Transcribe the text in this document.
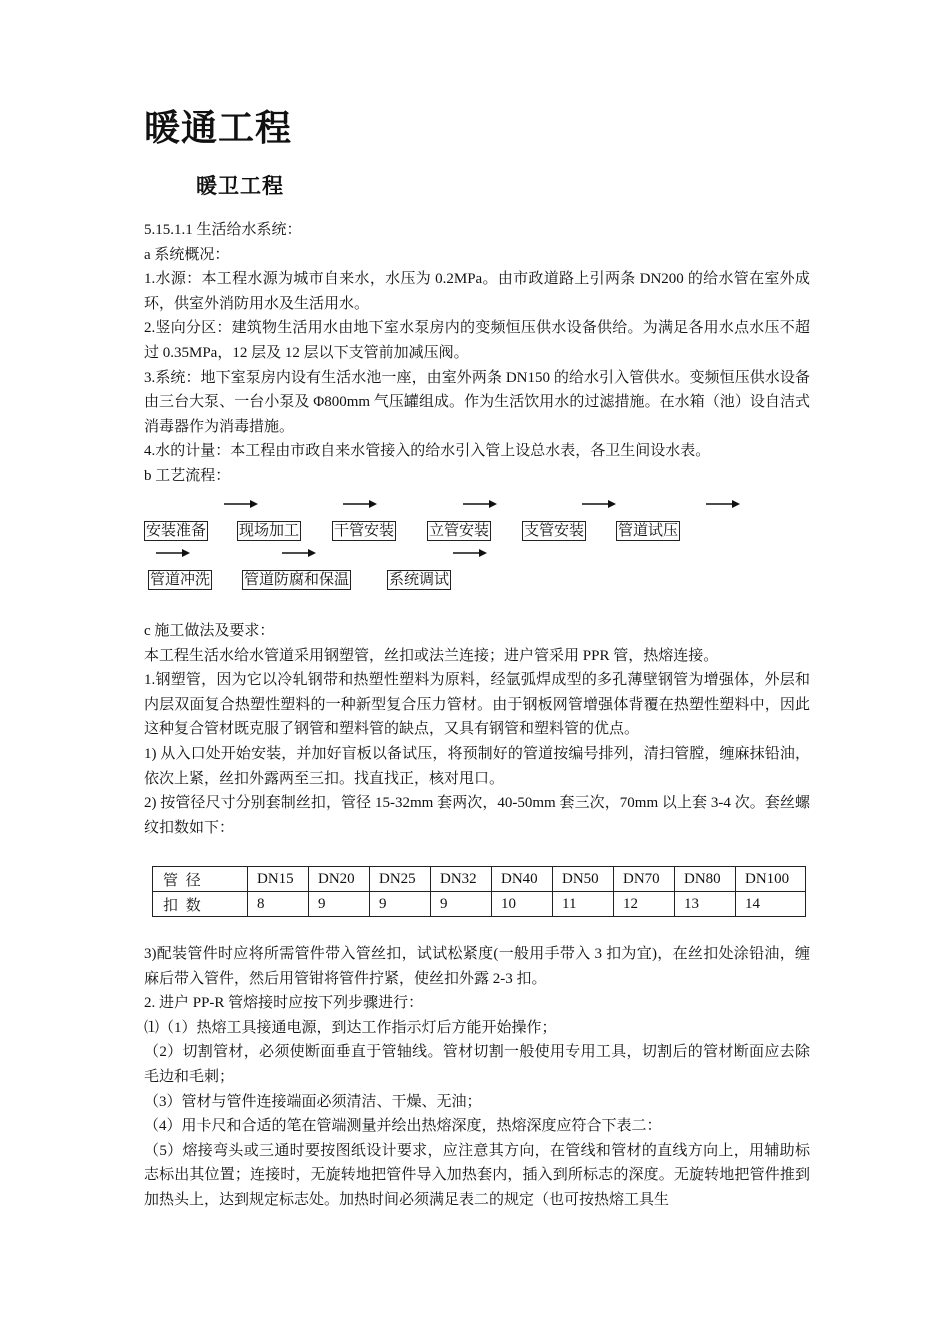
暖通工程
暖卫工程

5.15.1.1 生活给水系统：

a 系统概况：

1.水源：本工程水源为城市自来水，水压为 0.2MPa。由市政道路上引两条 DN200 的给水管在室外成环，供室外消防用水及生活用水。

2.竖向分区：建筑物生活用水由地下室水泵房内的变频恒压供水设备供给。为满足各用水点水压不超过 0.35MPa，12 层及 12 层以下支管前加减压阀。

3.系统：地下室泵房内设有生活水池一座，由室外两条 DN150 的给水引入管供水。变频恒压供水设备由三台大泵、一台小泵及 Φ800mm 气压罐组成。作为生活饮用水的过滤措施。在水箱（池）设自洁式消毒器作为消毒措施。

4.水的计量：本工程由市政自来水管接入的给水引入管上设总水表，各卫生间设水表。

b 工艺流程：

安装准备 现场加工 干管安装 立管安装 支管安装 管道试压
管道冲洗 管道防腐和保温	系统调试

c 施工做法及要求：

本工程生活水给水管道采用钢塑管，丝扣或法兰连接；进户管采用 PPR 管，热熔连接。

1.钢塑管，因为它以冷轧钢带和热塑性塑料为原料，经氩弧焊成型的多孔薄壁钢管为增强体，外层和内层双面复合热塑性塑料的一种新型复合压力管材。由于钢板网管增强体背覆在热塑性塑料中，因此这种复合管材既克服了钢管和塑料管的缺点，又具有钢管和塑料管的优点。

1) 从入口处开始安装，并加好盲板以备试压，将预制好的管道按编号排列，清扫管膛，缠麻抹铅油，依次上紧，丝扣外露两至三扣。找直找正，核对甩口。

2) 按管径尺寸分别套制丝扣，管径 15-32mm 套两次，40-50mm 套三次，70mm 以上套 3-4 次。套丝螺纹扣数如下：

管 径	DN15	DN20	DN25	DN32	DN40	DN50	DN70	DN80	DN100
扣 数	8	9	9	9	10	11	12	13	14

3)配装管件时应将所需管件带入管丝扣，试试松紧度(一般用手带入 3 扣为宜)，在丝扣处涂铅油，缠麻后带入管件，然后用管钳将管件拧紧，使丝扣外露 2-3 扣。

2. 进户 PP-R 管熔接时应按下列步骤进行：

⑴（1）热熔工具接通电源，到达工作指示灯后方能开始操作；

（2）切割管材，必须使断面垂直于管轴线。管材切割一般使用专用工具，切割后的管材断面应去除毛边和毛刺；

（3）管材与管件连接端面必须清洁、干燥、无油；

（4）用卡尺和合适的笔在管端测量并绘出热熔深度，热熔深度应符合下表二：

（5）熔接弯头或三通时要按图纸设计要求，应注意其方向，在管线和管材的直线方向上，用辅助标志标出其位置；连接时，无旋转地把管件导入加热套内，插入到所标志的深度。无旋转地把管件推到加热头上，达到规定标志处。加热时间必须满足表二的规定（也可按热熔工具生
